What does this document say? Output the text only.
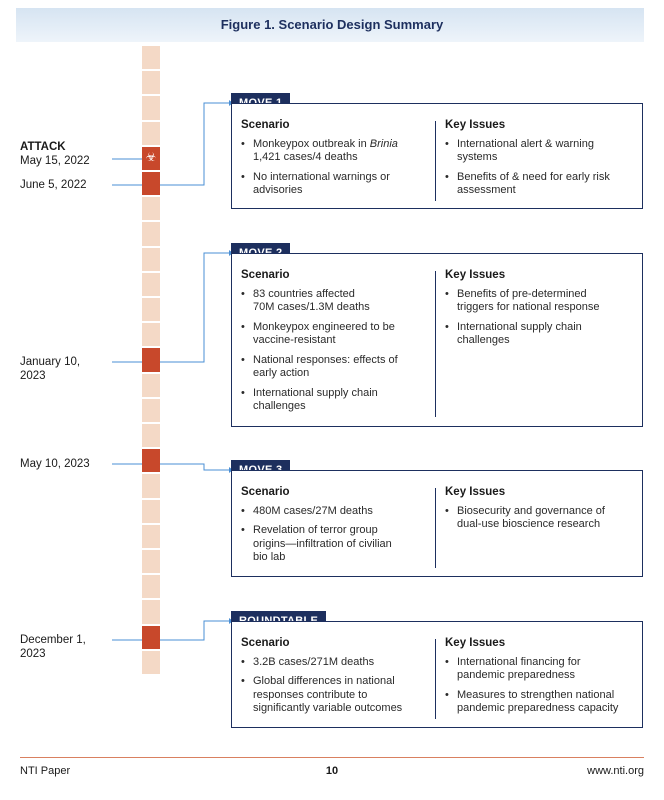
Figure 1. Scenario Design Summary
☣
ATTACK
May 15, 2022
June 5, 2022
January 10,
2023
May 10, 2023
December 1,
2023
Scenario
• Monkeypox outbreak in Brinia
1,421 cases/4 deaths
• No international warnings or
advisories
Key Issues
• International alert & warning
systems
• Benefits of & need for early risk
assessment
Scenario
• 83 countries affected
70M cases/1.3M deaths
• Monkeypox engineered to be
vaccine-resistant
• National responses: effects of
early action
• International supply chain
challenges
Key Issues
• Benefits of pre-determined
triggers for national response
• International supply chain
challenges
Scenario
• 480M cases/27M deaths
• Revelation of terror group
origins—infiltration of civilian
bio lab
Key Issues
• Biosecurity and governance of
dual-use bioscience research
Scenario
• 3.2B cases/271M deaths
• Global differences in national
responses contribute to
significantly variable outcomes
Key Issues
• International financing for
pandemic preparedness
• Measures to strengthen national
pandemic preparedness capacity
NTI Paper	10	www.nti.org
